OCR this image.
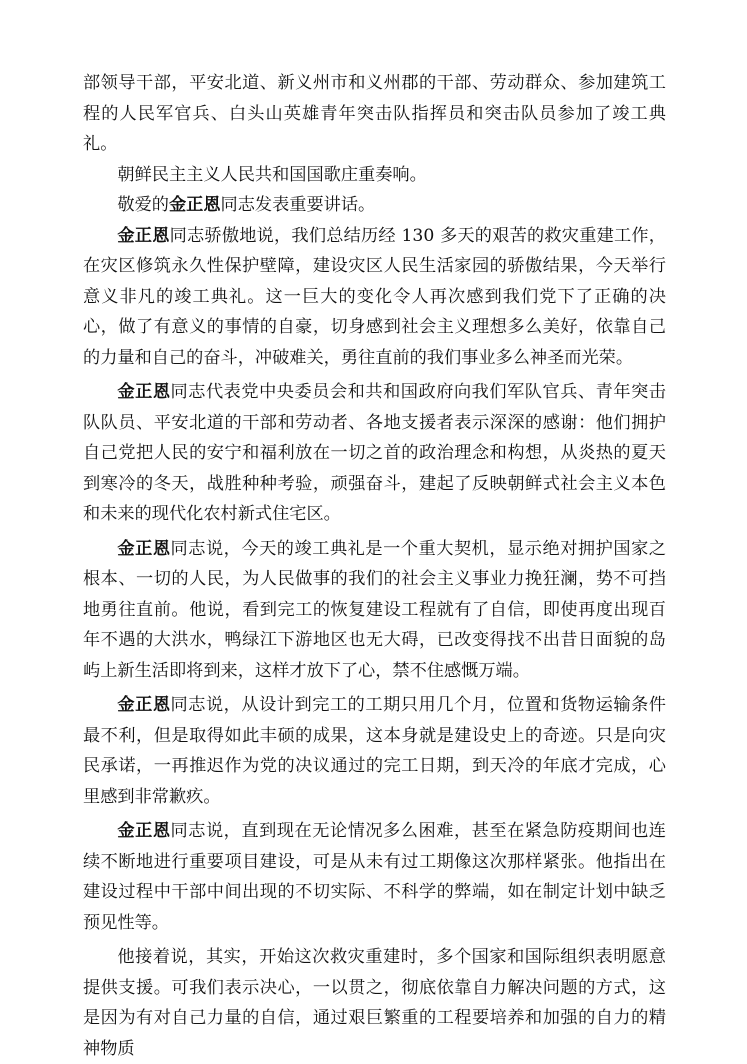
部领导干部，平安北道、新义州市和义州郡的干部、劳动群众、参加建筑工程的人民军官兵、白头山英雄青年突击队指挥员和突击队员参加了竣工典礼。

朝鲜民主主义人民共和国国歌庄重奏响。

敬爱的金正恩同志发表重要讲话。

金正恩同志骄傲地说，我们总结历经 130 多天的艰苦的救灾重建工作，在灾区修筑永久性保护壁障，建设灾区人民生活家园的骄傲结果，今天举行意义非凡的竣工典礼。这一巨大的变化令人再次感到我们党下了正确的决心，做了有意义的事情的自豪，切身感到社会主义理想多么美好，依靠自己的力量和自己的奋斗，冲破难关，勇往直前的我们事业多么神圣而光荣。

金正恩同志代表党中央委员会和共和国政府向我们军队官兵、青年突击队队员、平安北道的干部和劳动者、各地支援者表示深深的感谢：他们拥护自己党把人民的安宁和福利放在一切之首的政治理念和构想，从炎热的夏天到寒冷的冬天，战胜种种考验，顽强奋斗，建起了反映朝鲜式社会主义本色和未来的现代化农村新式住宅区。

金正恩同志说，今天的竣工典礼是一个重大契机，显示绝对拥护国家之根本、一切的人民，为人民做事的我们的社会主义事业力挽狂澜，势不可挡地勇往直前。他说，看到完工的恢复建设工程就有了自信，即使再度出现百年不遇的大洪水，鸭绿江下游地区也无大碍，已改变得找不出昔日面貌的岛屿上新生活即将到来，这样才放下了心，禁不住感慨万端。

金正恩同志说，从设计到完工的工期只用几个月，位置和货物运输条件最不利，但是取得如此丰硕的成果，这本身就是建设史上的奇迹。只是向灾民承诺，一再推迟作为党的决议通过的完工日期，到天冷的年底才完成，心里感到非常歉疚。

金正恩同志说，直到现在无论情况多么困难，甚至在紧急防疫期间也连续不断地进行重要项目建设，可是从未有过工期像这次那样紧张。他指出在建设过程中干部中间出现的不切实际、不科学的弊端，如在制定计划中缺乏预见性等。

他接着说，其实，开始这次救灾重建时，多个国家和国际组织表明愿意提供支援。可我们表示决心，一以贯之，彻底依靠自力解决问题的方式，这是因为有对自己力量的自信，通过艰巨繁重的工程要培养和加强的自力的精神物质
